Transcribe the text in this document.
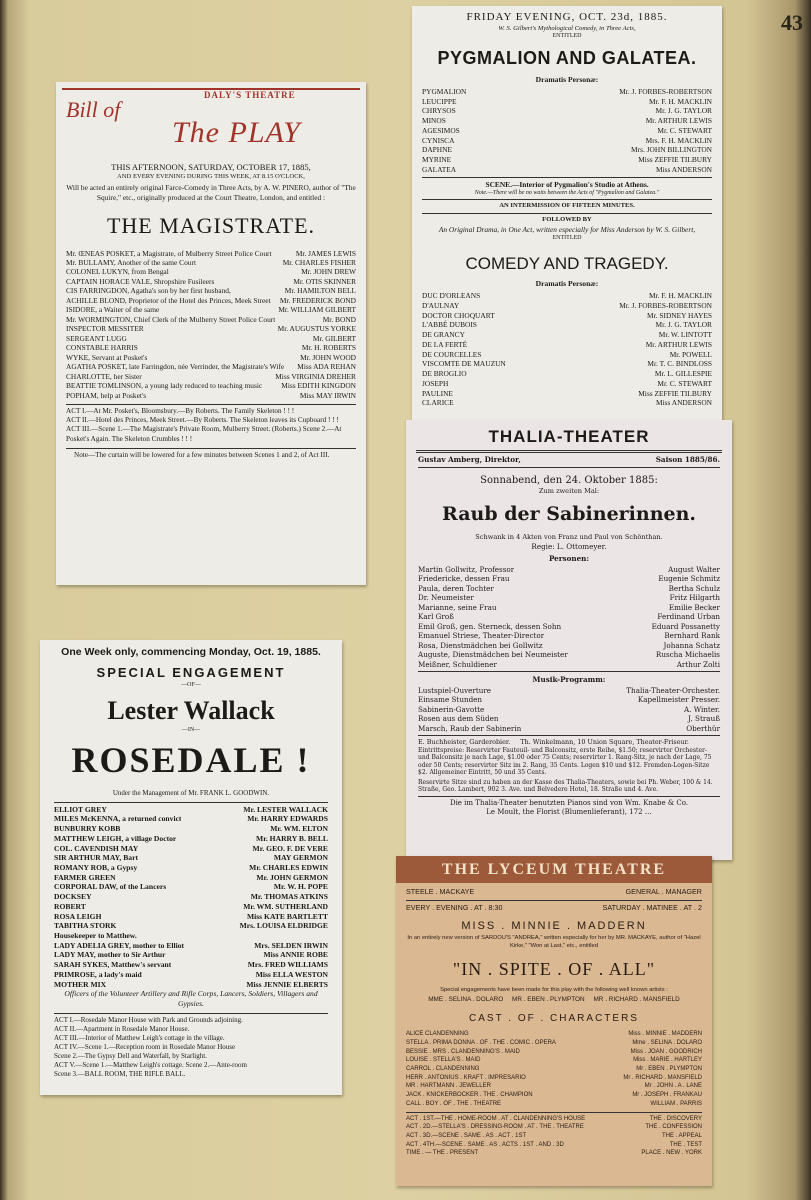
43
Bill of
DALY'S THEATRE
The PLAY
THIS AFTERNOON, SATURDAY, OCTOBER 17, 1885,
AND EVERY EVENING DURING THIS WEEK, AT 8.15 O'CLOCK,
Will be acted an entirely original Farce-Comedy in Three Acts, by A. W. PINERO, author of "The Squire," etc., originally produced at the Court Theatre, London, and entitled :
THE MAGISTRATE.
Mr. ŒNEAS POSKET, a Magistrate, of Mulberry Street Police Court	Mr. JAMES LEWIS
Mr. BULLAMY, Another of the same Court	Mr. CHARLES FISHER
COLONEL LUKYN, from Bengal	Mr. JOHN DREW
CAPTAIN HORACE VALE, Shropshire Fusileers	Mr. OTIS SKINNER
CIS FARRINGDON, Agatha's son by her first husband,	Mr. HAMILTON BELL
ACHILLE BLOND, Proprietor of the Hotel des Princes, Meek Street	Mr. FREDERICK BOND
ISIDORE, a Waiter of the same	Mr. WILLIAM GILBERT
Mr. WORMINGTON, Chief Clerk of the Mulberry Street Police Court	Mr. BOND
INSPECTOR MESSITER	Mr. AUGUSTUS YORKE
SERGEANT LUGG	Mr. GILBERT
CONSTABLE HARRIS	Mr. H. ROBERTS
WYKE, Servant at Posket's	Mr. JOHN WOOD
AGATHA POSKET, late Farringdon, née Verrinder, the Magistrate's Wife	Miss ADA REHAN
CHARLOTTE, her Sister	Miss VIRGINIA DREHER
BEATTIE TOMLINSON, a young lady reduced to teaching music	Miss EDITH KINGDON
POPHAM, help at Posket's	Miss MAY IRWIN
ACT I.—At Mr. Posket's, Bloomsbury.—By Roberts. The Family Skeleton ! ! !
ACT II.—Hotel des Princes, Meek Street.—By Roberts. The Skeleton leaves its Cupboard ! ! !
ACT III.—Scene 1.—The Magistrate's Private Room, Mulberry Street. (Roberts.) Scene 2.—At Posket's Again. The Skeleton Crumbles ! ! !
Note—The curtain will be lowered for a few minutes between Scenes 1 and 2, of Act III.
FRIDAY EVENING, OCT. 23d, 1885.
W. S. Gilbert's Mythological Comedy, in Three Acts,
ENTITLED
PYGMALION AND GALATEA.
Dramatis Personæ:
PYGMALION	Mr. J. FORBES-ROBERTSON
LEUCIPPE	Mr. F. H. MACKLIN
CHRYSOS	Mr. J. G. TAYLOR
MINOS	Mr. ARTHUR LEWIS
AGESIMOS	Mr. C. STEWART
CYNISCA	Mrs. F. H. MACKLIN
DAPHNE	Mrs. JOHN BILLINGTON
MYRINE	Miss ZEFFIE TILBURY
GALATEA	Miss ANDERSON
SCENE.—Interior of Pygmalion's Studio at Athens.
Note.—There will be no waits between the Acts of "Pygmalion and Galatea."
AN INTERMISSION OF FIFTEEN MINUTES.
FOLLOWED BY
An Original Drama, in One Act, written especially for Miss Anderson by W. S. Gilbert,
ENTITLED
COMEDY AND TRAGEDY.
Dramatis Personæ:
DUC D'ORLEANS	Mr. F. H. MACKLIN
D'AULNAY	Mr. J. FORBES-ROBERTSON
DOCTOR CHOQUART	Mr. SIDNEY HAYES
L'ABBÉ DUBOIS	Mr. J. G. TAYLOR
DE GRANCY	Mr. W. LINTOTT
DE LA FERTÉ	Mr. ARTHUR LEWIS
DE COURCELLES	Mr. POWELL
VISCOMTE DE MAUZUN	Mr. T. C. BINDLOSS
DE BROGLIO	Mr. L. GILLESPIE
JOSEPH	Mr. C. STEWART
PAULINE	Miss ZEFFIE TILBURY
CLARICE	Miss ANDERSON
THALIA-THEATER
Gustav Amberg, Direktor,	Saison 1885/86.
Sonnabend, den 24. Oktober 1885:
Zum zweiten Mal:
Raub der Sabinerinnen.
Schwank in 4 Akten von Franz und Paul von Schönthan.
Regie: L. Ottomeyer.
Personen:
Martin Gollwitz, Professor	August Walter
Friedericke, dessen Frau	Eugenie Schmitz
Paula, deren Tochter	Bertha Schulz
Dr. Neumeister	Fritz Hilgarth
Marianne, seine Frau	Emilie Becker
Karl Groß	Ferdinand Urban
Emil Groß, gen. Sterneck, dessen Sohn	Eduard Possanetty
Emanuel Striese, Theater-Director	Bernhard Rank
Rosa, Dienstmädchen bei Gollwitz	Johanna Schatz
Auguste, Dienstmädchen bei Neumeister	Ruscha Michaelis
Meißner, Schuldiener	Arthur Zolti
Musik-Programm:
Lustspiel-Ouverture	Thalia-Theater-Orchester.
Einsame Stunden	Kapellmeister Presser.
Sabinerin-Gavotte	A. Winter.
Rosen aus dem Süden	J. Strauß
Marsch, Raub der Sabinerin	Oberthür
E. Buchheister, Garderobier.     Th. Winkelmann, 10 Union Square, Theater-Friseur.
Eintrittspreise: Reservirter Fauteuil- und Balconsitz, erste Reihe, $1.50; reservirter Orchester- und Balconsitz je nach Lage, $1.00 oder 75 Cents; reservirter 1. Rang-Sitz, je nach der Lage, 75 oder 50 Cents; reservirter Sitz im 2. Rang, 35 Cents. Logen $10 und $12. Fremden-Logen-Sitze $2. Allgemeiner Eintritt, 50 und 35 Cents.
Reservirte Sitze sind zu haben an der Kasse des Thalia-Theaters, sowie bei Ph. Weber, 100 & 14. Straße, Geo. Lambert, 902 3. Ave. und Belvedere Hotel, 18. Straße und 4. Ave.
Die im Thalia-Theater benutzten Pianos sind von Wm. Knabe & Co.
Le Moult, the Florist (Blumenlieferant), 172 …
One Week only, commencing Monday, Oct. 19, 1885.
SPECIAL ENGAGEMENT
—OF—
Lester Wallack
—IN—
ROSEDALE !
Under the Management of Mr. FRANK L. GOODWIN.
ELLIOT GREY	Mr. LESTER WALLACK
MILES McKENNA, a returned convict	Mr. HARRY EDWARDS
BUNBURRY KOBB	Mr. WM. ELTON
MATTHEW LEIGH, a village Doctor	Mr. HARRY B. BELL
COL. CAVENDISH MAY	Mr. GEO. F. DE VERE
SIR ARTHUR MAY, Bart	MAY GERMON
ROMANY ROB, a Gypsy	Mr. CHARLES EDWIN
FARMER GREEN	Mr. JOHN GERMON
CORPORAL DAW, of the Lancers	Mr. W. H. POPE
DOCKSEY	Mr. THOMAS ATKINS
ROBERT	Mr. WM. SUTHERLAND
ROSA LEIGH	Miss KATE BARTLETT
TABITHA STORK	Mrs. LOUISA ELDRIDGE
Housekeeper to Matthew.
LADY ADELIA GREY, mother to Elliot	Mrs. SELDEN IRWIN
LADY MAY, mother to Sir Arthur	Miss ANNIE ROBE
SARAH SYKES, Matthew's servant	Mrs. FRED WILLIAMS
PRIMROSE, a lady's maid	Miss ELLA WESTON
MOTHER MIX	Miss JENNIE ELBERTS
Officers of the Volunteer Artillery and Rifle Corps, Lancers, Soldiers, Villagers and Gypsies.
ACT I.—Rosedale Manor House with Park and Grounds adjoining.
ACT II.—Apartment in Rosedale Manor House.
ACT III.—Interior of Matthew Leigh's cottage in the village.
ACT IV.—Scene 1.—Reception room in Rosedale Manor House
Scene 2.—The Gypsy Dell and Waterfall, by Starlight.
ACT V.—Scene 1.—Matthew Leigh's cottage. Scene 2.—Ante-room
Scene 3.—BALL ROOM, THE RIFLE BALL.
THE LYCEUM THEATRE
STEELE . MACKAYE	GENERAL . MANAGER
EVERY . EVENING . AT . 8:30	SATURDAY . MATINEE . AT . 2
MISS . MINNIE . MADDERN
In an entirely new version of SARDOU'S "ANDREA," written especially for her by MR. MACKAYE, author of "Hazel Kirke," "Won at Last," etc., entitled
"IN . SPITE . OF . ALL"
Special engagements have been made for this play with the following well known artists :
MME . SELINA . DOLARO     MR . EBEN . PLYMPTON     MR . RICHARD . MANSFIELD
CAST . OF . CHARACTERS
ALICE CLANDENNING	Miss . MINNIE . MADDERN
STELLA . PRIMA DONNA . OF . THE . COMIC . OPERA	Mme . SELINA . DOLARO
BESSIE . MRS . CLANDENNING'S . MAID	Miss . JOAN . GOODRICH
LOUISE . STELLA'S . MAID	Miss . MARIE . HARTLEY
CARROL . CLANDENNING	Mr . EBEN . PLYMPTON
HERR . ANTONIUS . KRAFT . IMPRESARIO	Mr . RICHARD . MANSFIELD
MR . HARTMANN . JEWELLER	Mr . JOHN . A . LANE
JACK . KNICKERBOCKER . THE . CHAMPION	Mr . JOSEPH . FRANKAU
CALL . BOY . OF . THE . THEATRE	WILLIAM . PARRIS
ACT . 1ST.—THE . HOME-ROOM . AT . CLANDENNING'S HOUSE	THE . DISCOVERY
ACT . 2D.—STELLA'S . DRESSING-ROOM . AT . THE . THEATRE	THE . CONFESSION
ACT . 3D.—SCENE . SAME . AS . ACT . 1ST	THE . APPEAL
ACT . 4TH.—SCENE . SAME . AS . ACTS . 1ST . AND . 3D	THE . TEST
TIME . — THE . PRESENT	PLACE . NEW . YORK
